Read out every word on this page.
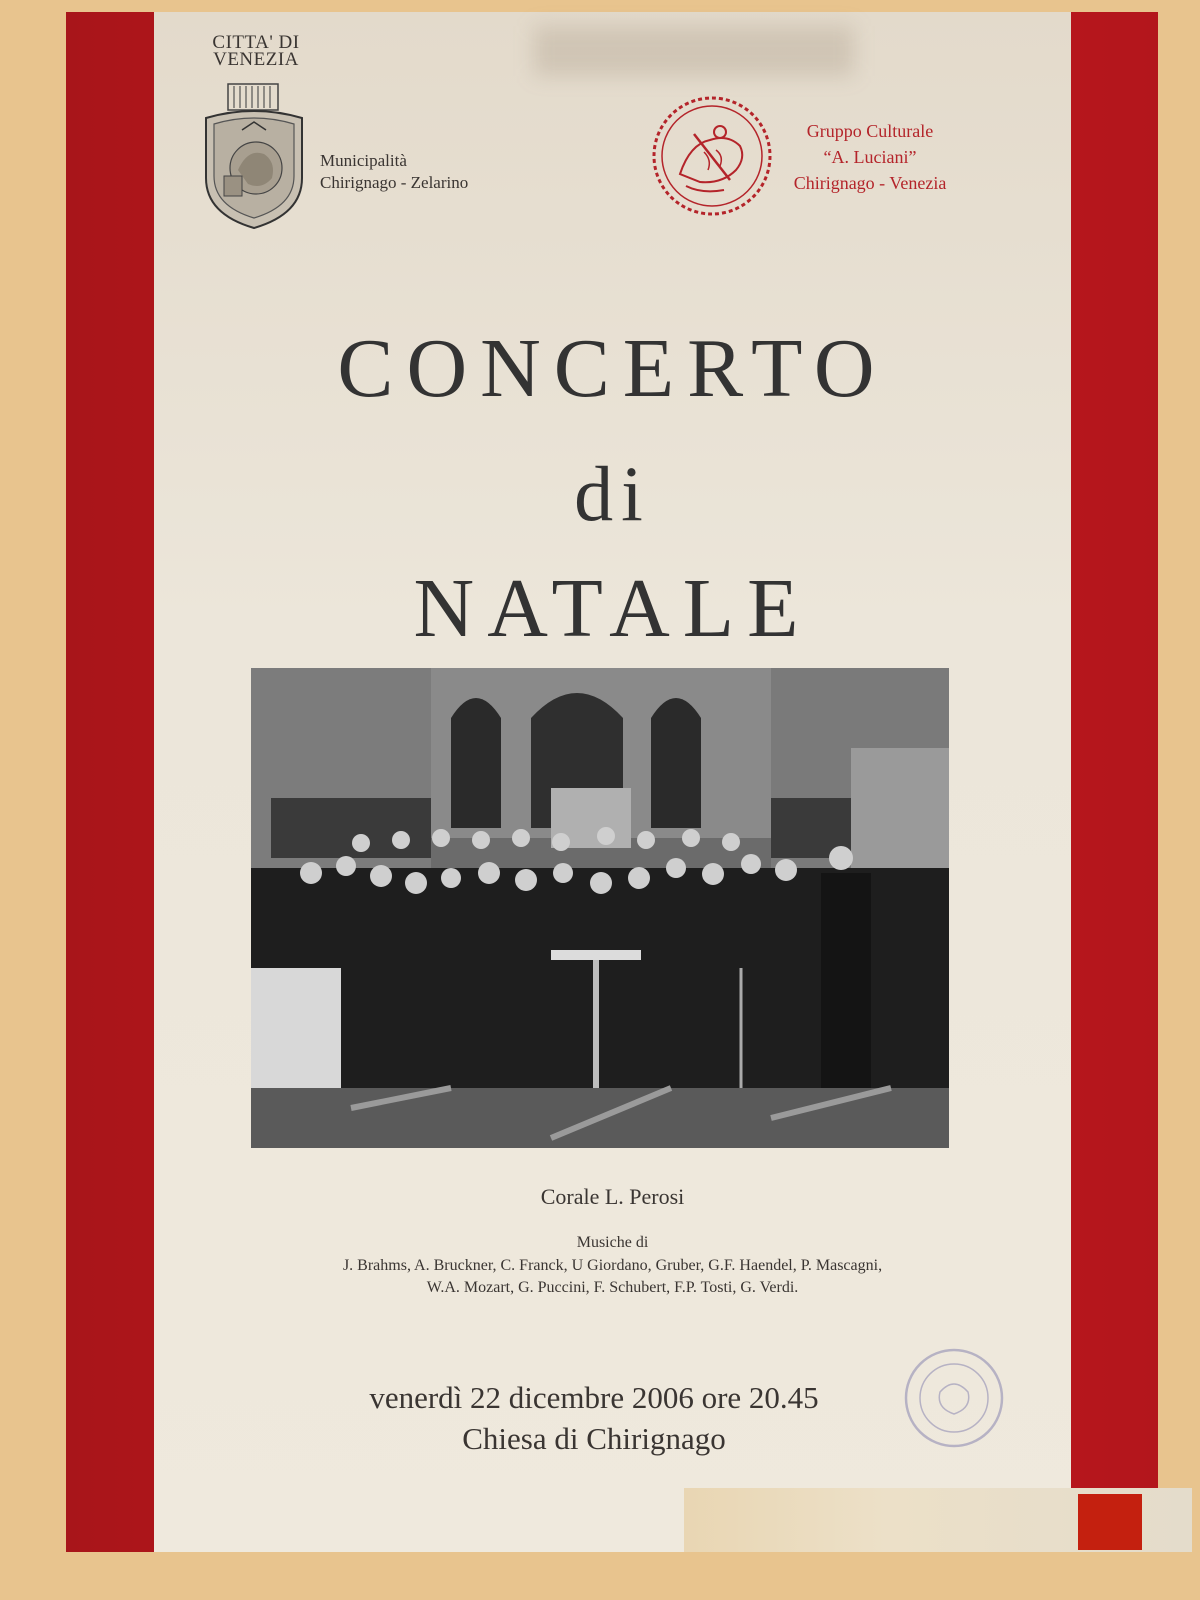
CITTA' DI VENEZIA
Municipalità
Chirignago - Zelarino
Gruppo Culturale
“A. Luciani”
Chirignago - Venezia
CONCERTO
di
NATALE
Corale L. Perosi
Musiche di
J. Brahms, A. Bruckner, C. Franck, U Giordano, Gruber, G.F. Haendel, P. Mascagni,
W.A. Mozart, G. Puccini, F. Schubert, F.P. Tosti, G. Verdi.
venerdì 22 dicembre 2006 ore 20.45
Chiesa di Chirignago
